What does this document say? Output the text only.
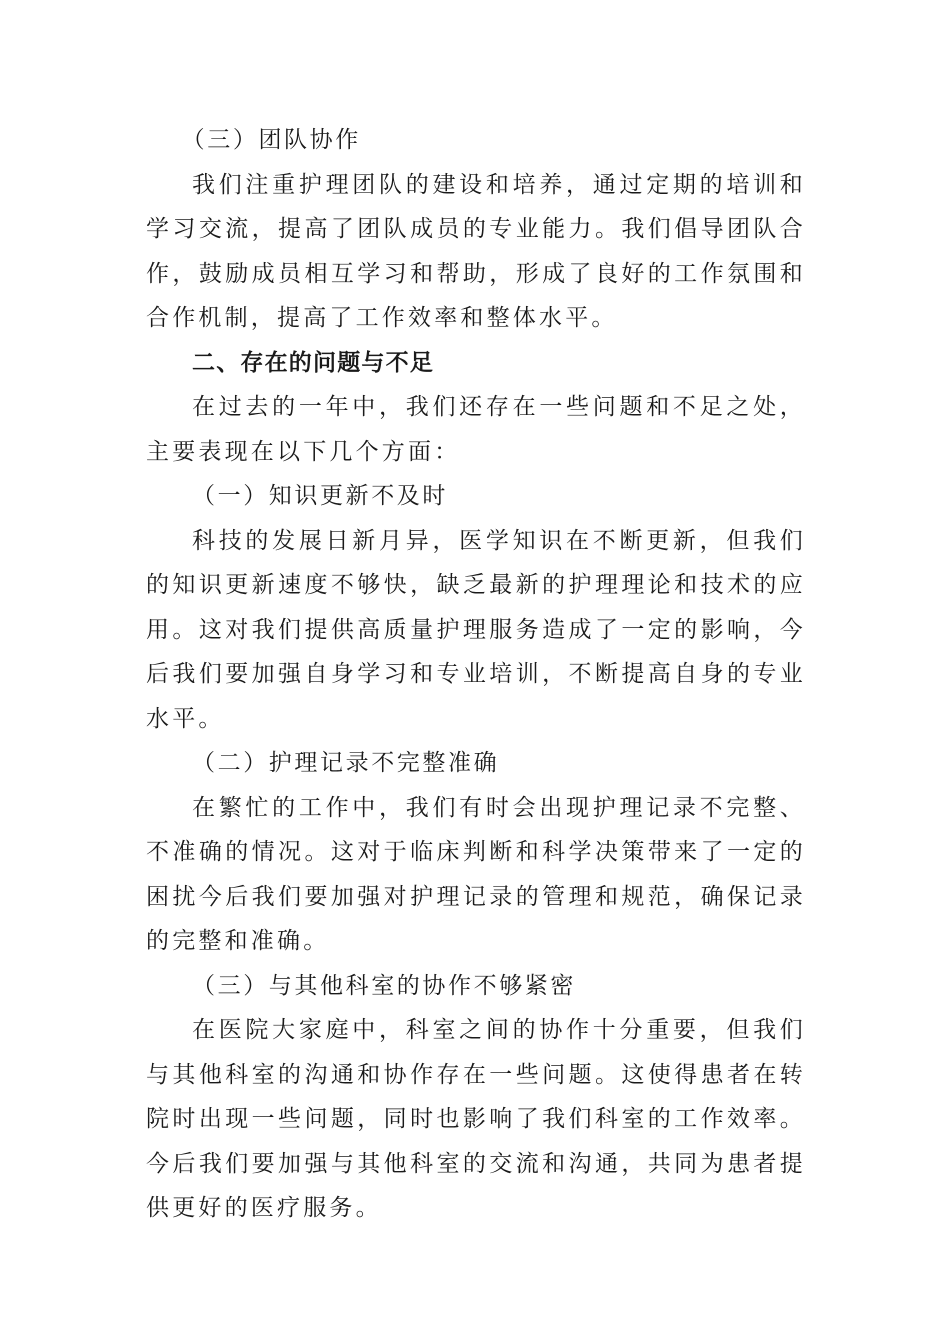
（三）团队协作

我们注重护理团队的建设和培养，通过定期的培训和学习交流，提高了团队成员的专业能力。我们倡导团队合作，鼓励成员相互学习和帮助，形成了良好的工作氛围和合作机制，提高了工作效率和整体水平。

二、存在的问题与不足

在过去的一年中，我们还存在一些问题和不足之处，主要表现在以下几个方面：

（一）知识更新不及时

科技的发展日新月异，医学知识在不断更新，但我们的知识更新速度不够快，缺乏最新的护理理论和技术的应用。这对我们提供高质量护理服务造成了一定的影响，今后我们要加强自身学习和专业培训，不断提高自身的专业水平。

（二）护理记录不完整准确

在繁忙的工作中，我们有时会出现护理记录不完整、不准确的情况。这对于临床判断和科学决策带来了一定的困扰今后我们要加强对护理记录的管理和规范，确保记录的完整和准确。

（三）与其他科室的协作不够紧密

在医院大家庭中，科室之间的协作十分重要，但我们与其他科室的沟通和协作存在一些问题。这使得患者在转院时出现一些问题，同时也影响了我们科室的工作效率。今后我们要加强与其他科室的交流和沟通，共同为患者提供更好的医疗服务。
